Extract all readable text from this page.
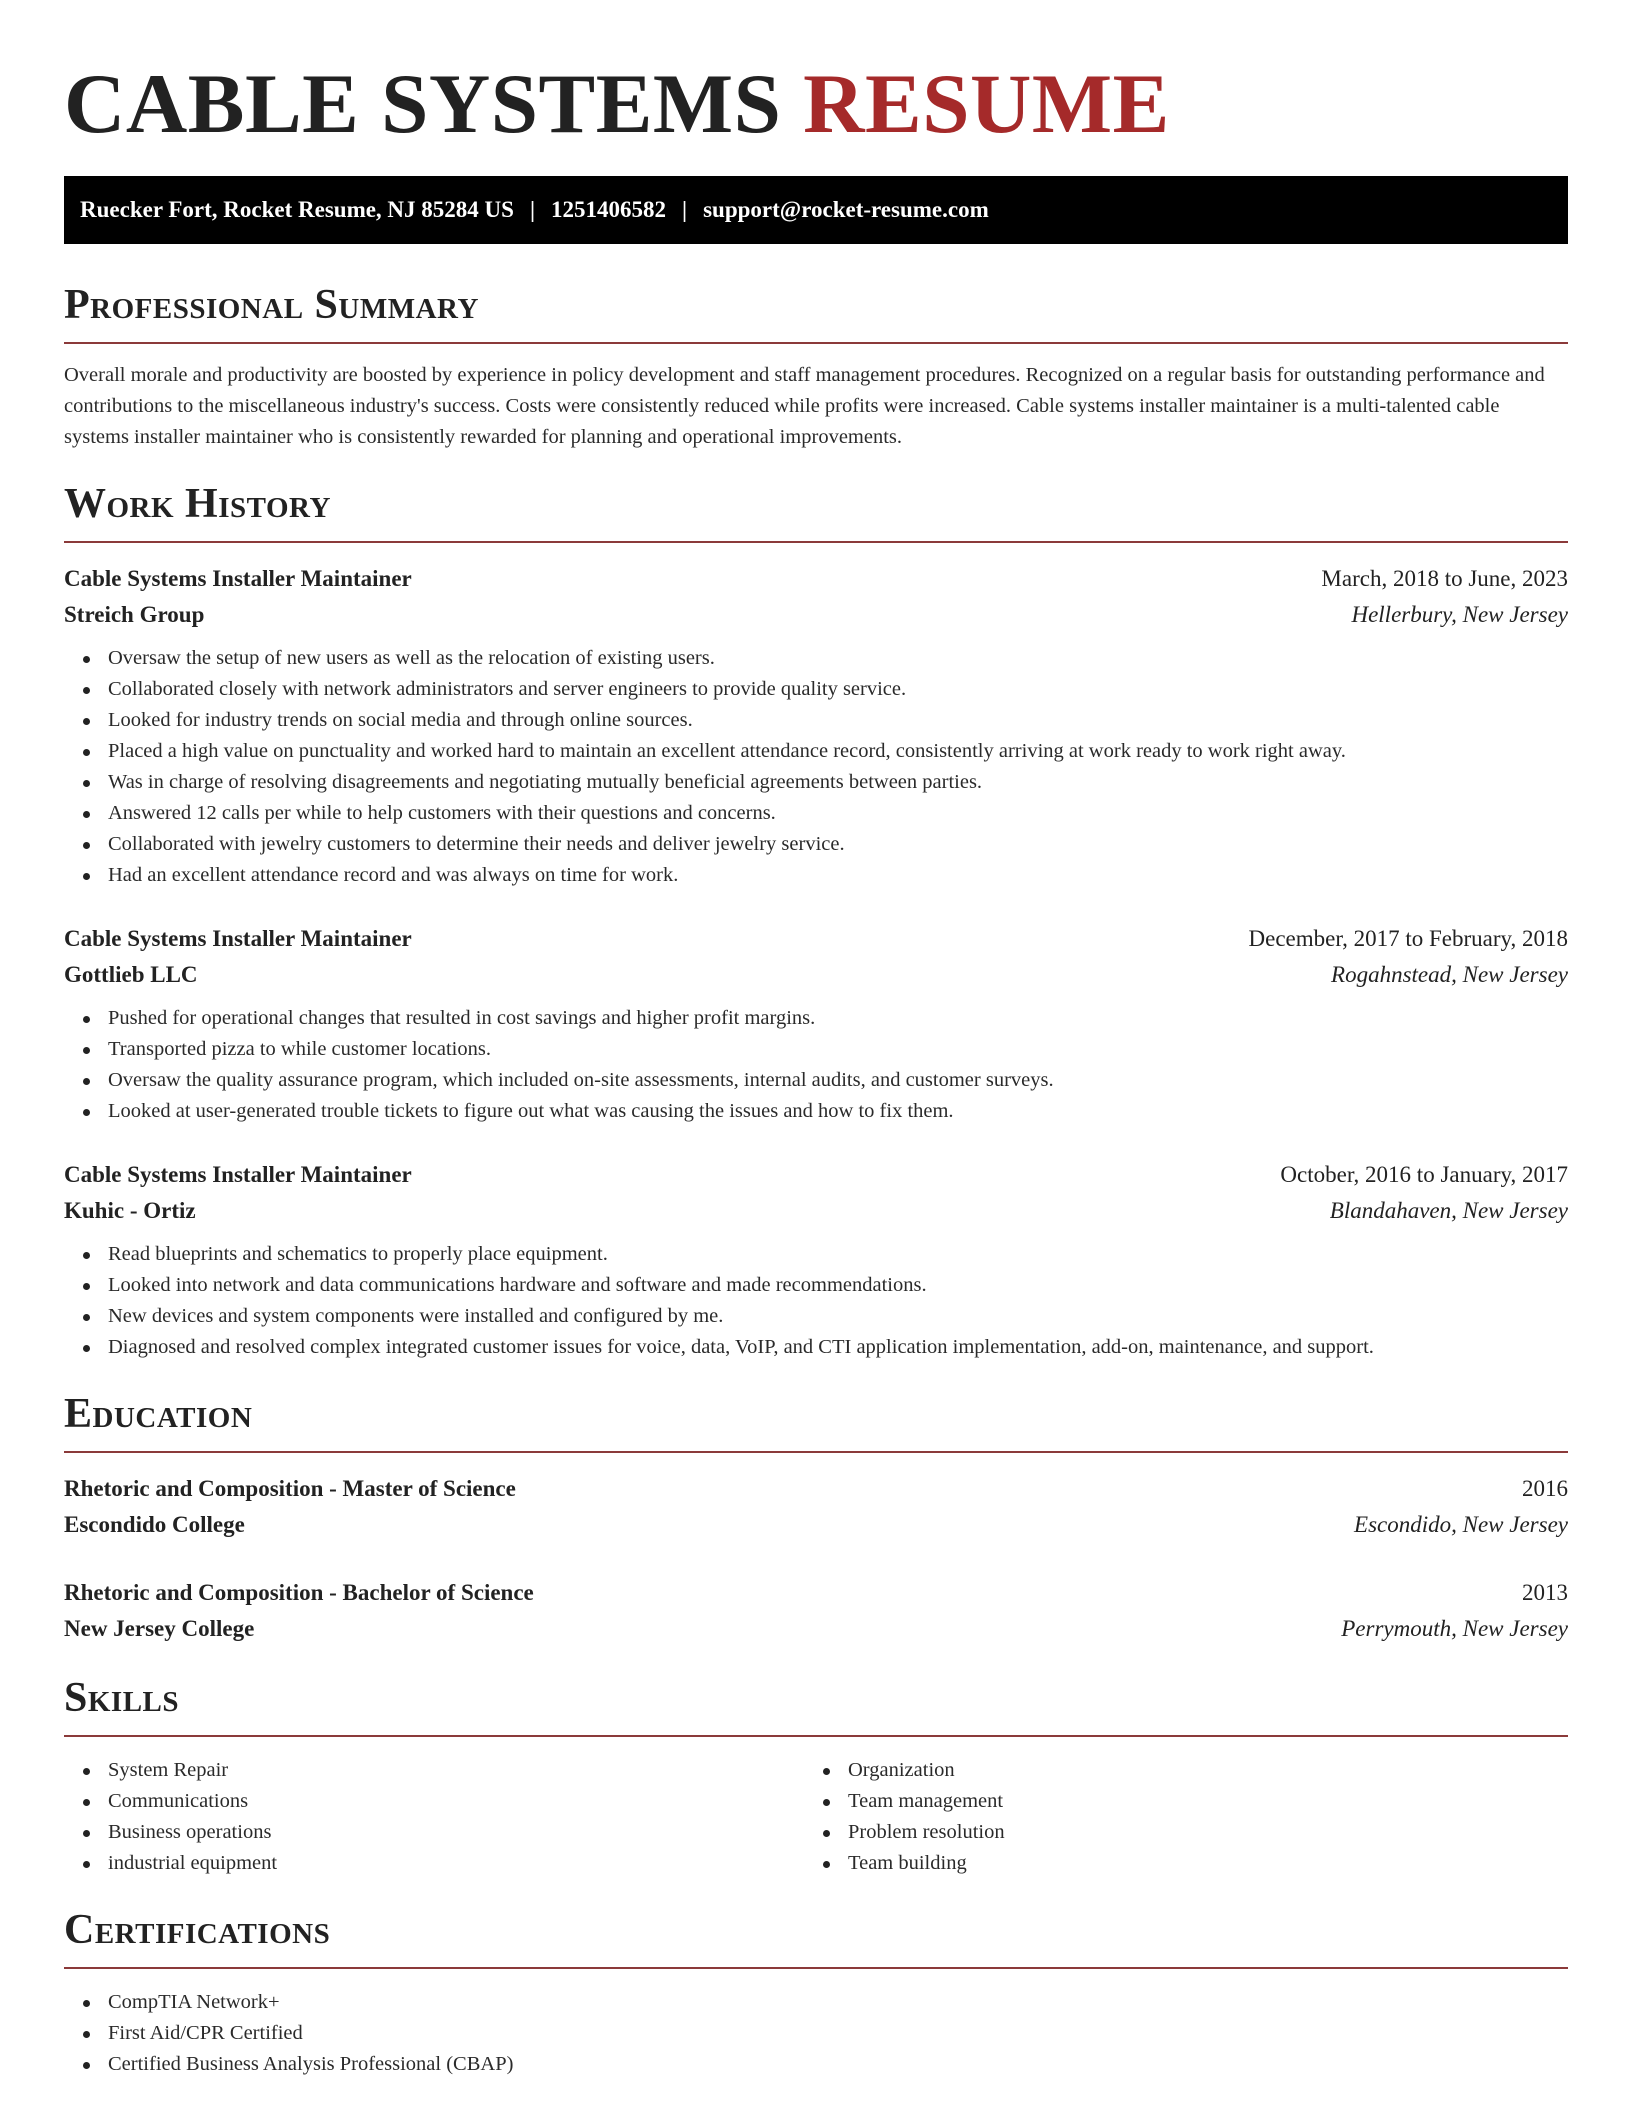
CABLE SYSTEMS RESUME
Ruecker Fort, Rocket Resume, NJ 85284 US | 1251406582 | support@rocket-resume.com
Professional Summary

Overall morale and productivity are boosted by experience in policy development and staff management procedures. Recognized on a regular basis for outstanding performance and contributions to the miscellaneous industry's success. Costs were consistently reduced while profits were increased. Cable systems installer maintainer is a multi-talented cable systems installer maintainer who is consistently rewarded for planning and operational improvements.

Work History
Cable Systems Installer Maintainer	March, 2018 to June, 2023
Streich Group	Hellerbury, New Jersey
Oversaw the setup of new users as well as the relocation of existing users.
Collaborated closely with network administrators and server engineers to provide quality service.
Looked for industry trends on social media and through online sources.
Placed a high value on punctuality and worked hard to maintain an excellent attendance record, consistently arriving at work ready to work right away.
Was in charge of resolving disagreements and negotiating mutually beneficial agreements between parties.
Answered 12 calls per while to help customers with their questions and concerns.
Collaborated with jewelry customers to determine their needs and deliver jewelry service.
Had an excellent attendance record and was always on time for work.
Cable Systems Installer Maintainer	December, 2017 to February, 2018
Gottlieb LLC	Rogahnstead, New Jersey
Pushed for operational changes that resulted in cost savings and higher profit margins.
Transported pizza to while customer locations.
Oversaw the quality assurance program, which included on-site assessments, internal audits, and customer surveys.
Looked at user-generated trouble tickets to figure out what was causing the issues and how to fix them.
Cable Systems Installer Maintainer	October, 2016 to January, 2017
Kuhic - Ortiz	Blandahaven, New Jersey
Read blueprints and schematics to properly place equipment.
Looked into network and data communications hardware and software and made recommendations.
New devices and system components were installed and configured by me.
Diagnosed and resolved complex integrated customer issues for voice, data, VoIP, and CTI application implementation, add-on, maintenance, and support.
Education
Rhetoric and Composition - Master of Science	2016
Escondido College	Escondido, New Jersey
Rhetoric and Composition - Bachelor of Science	2013
New Jersey College	Perrymouth, New Jersey
Skills
System Repair
Communications
Business operations
industrial equipment
Organization
Team management
Problem resolution
Team building
Certifications
CompTIA Network+
First Aid/CPR Certified
Certified Business Analysis Professional (CBAP)
